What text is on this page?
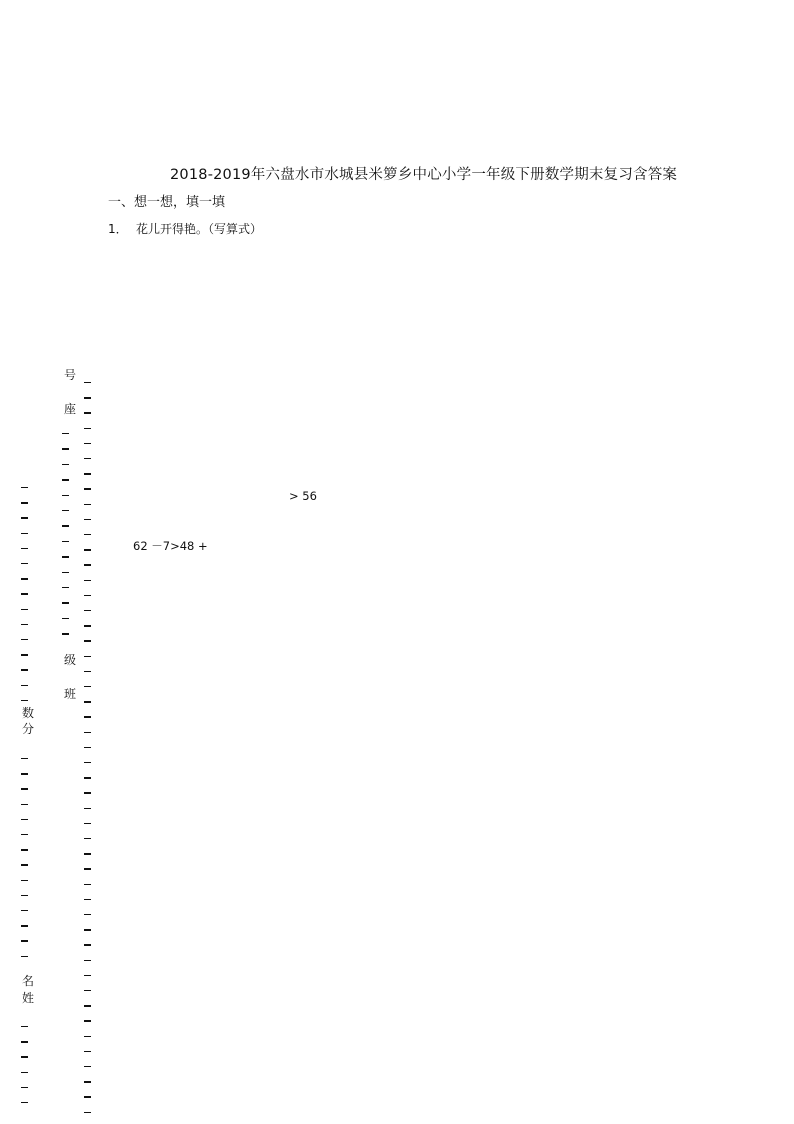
2018-2019年六盘水市水城县米箩乡中心小学一年级下册数学期末复习含答案
一、想一想，填一填
1． 花儿开得艳。（写算式）
> 56
62 －7>48 +
号
座
级
班
数
分
名
姓
